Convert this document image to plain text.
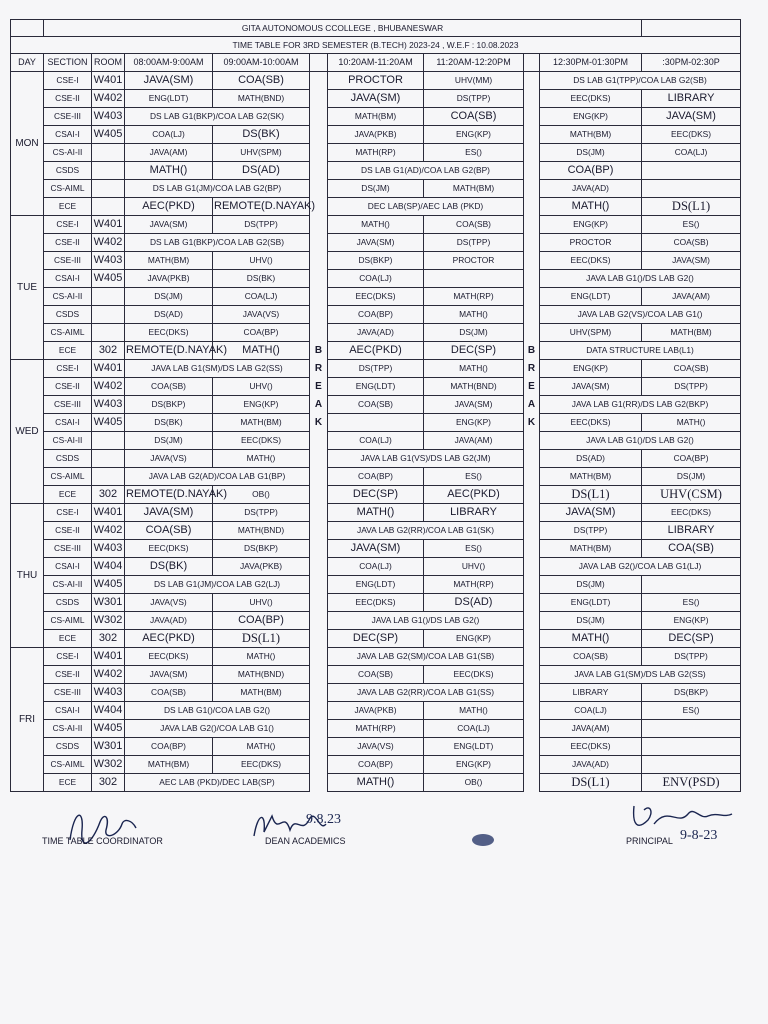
	GITA AUTONOMOUS CCOLLEGE , BHUBANESWAR									
TIME TABLE FOR 3RD SEMESTER (B.TECH) 2023-24 , W.E.F : 10.08.2023										
DAY	SECTION	ROOM	08:00AM-9:00AM	09:00AM-10:00AM		10:20AM-11:20AM	11:20AM-12:20PM		12:30PM-01:30PM	:30PM-02:30P
MON	CSE-I	W401	JAVA(SM)	COA(SB)		PROCTOR	UHV(MM)		DS LAB G1(TPP)/COA LAB G2(SB)	
	CSE-II	W402	ENG(LDT)	MATH(BND)		JAVA(SM)	DS(TPP)		EEC(DKS)	LIBRARY
	CSE-III	W403	DS LAB G1(BKP)/COA LAB G2(SK)			MATH(BM)	COA(SB)		ENG(KP)	JAVA(SM)
	CSAI-I	W405	COA(LJ)	DS(BK)		JAVA(PKB)	ENG(KP)		MATH(BM)	EEC(DKS)
	CS-AI-II		JAVA(AM)	UHV(SPM)		MATH(RP)	ES()		DS(JM)	COA(LJ)
	CSDS		MATH()	DS(AD)		DS LAB G1(AD)/COA LAB G2(BP)			COA(BP)	
	CS-AIML		DS LAB G1(JM)/COA LAB G2(BP)			DS(JM)	MATH(BM)		JAVA(AD)	
	ECE		AEC(PKD)	REMOTE(D.NAYAK)		DEC LAB(SP)/AEC LAB (PKD)			MATH()	DS(L1)
TUE	CSE-I	W401	JAVA(SM)	DS(TPP)		MATH()	COA(SB)		ENG(KP)	ES()
	CSE-II	W402	DS LAB G1(BKP)/COA LAB G2(SB)			JAVA(SM)	DS(TPP)		PROCTOR	COA(SB)
	CSE-III	W403	MATH(BM)	UHV()		DS(BKP)	PROCTOR		EEC(DKS)	JAVA(SM)
	CSAI-I	W405	JAVA(PKB)	DS(BK)		COA(LJ)			JAVA LAB G1()/DS LAB G2()	
	CS-AI-II		DS(JM)	COA(LJ)		EEC(DKS)	MATH(RP)		ENG(LDT)	JAVA(AM)
	CSDS		DS(AD)	JAVA(VS)		COA(BP)	MATH()		JAVA LAB G2(VS)/COA LAB G1()	
	CS-AIML		EEC(DKS)	COA(BP)		JAVA(AD)	DS(JM)		UHV(SPM)	MATH(BM)
	ECE	302	REMOTE(D.NAYAK)	MATH()	B	AEC(PKD)	DEC(SP)	B	DATA STRUCTURE LAB(L1)	
WED	CSE-I	W401	JAVA LAB G1(SM)/DS LAB G2(SS)		R	DS(TPP)	MATH()	R	ENG(KP)	COA(SB)
	CSE-II	W402	COA(SB)	UHV()	E	ENG(LDT)	MATH(BND)	E	JAVA(SM)	DS(TPP)
	CSE-III	W403	DS(BKP)	ENG(KP)	A	COA(SB)	JAVA(SM)	A	JAVA LAB G1(RR)/DS LAB G2(BKP)	
	CSAI-I	W405	DS(BK)	MATH(BM)	K		ENG(KP)	K	EEC(DKS)	MATH()
	CS-AI-II		DS(JM)	EEC(DKS)		COA(LJ)	JAVA(AM)		JAVA LAB G1()/DS LAB G2()	
	CSDS		JAVA(VS)	MATH()		JAVA LAB G1(VS)/DS LAB G2(JM)			DS(AD)	COA(BP)
	CS-AIML		JAVA LAB G2(AD)/COA LAB G1(BP)			COA(BP)	ES()		MATH(BM)	DS(JM)
	ECE	302	REMOTE(D.NAYAK)	OB()		DEC(SP)	AEC(PKD)		DS(L1)	UHV(CSM)
THU	CSE-I	W401	JAVA(SM)	DS(TPP)		MATH()	LIBRARY		JAVA(SM)	EEC(DKS)
	CSE-II	W402	COA(SB)	MATH(BND)		JAVA LAB G2(RR)/COA LAB G1(SK)			DS(TPP)	LIBRARY
	CSE-III	W403	EEC(DKS)	DS(BKP)		JAVA(SM)	ES()		MATH(BM)	COA(SB)
	CSAI-I	W404	DS(BK)	JAVA(PKB)		COA(LJ)	UHV()		JAVA LAB G2()/COA LAB G1(LJ)	
	CS-AI-II	W405	DS LAB G1(JM)/COA LAB G2(LJ)			ENG(LDT)	MATH(RP)		DS(JM)	
	CSDS	W301	JAVA(VS)	UHV()		EEC(DKS)	DS(AD)		ENG(LDT)	ES()
	CS-AIML	W302	JAVA(AD)	COA(BP)		JAVA LAB G1()/DS LAB G2()			DS(JM)	ENG(KP)
	ECE	302	AEC(PKD)	DS(L1)		DEC(SP)	ENG(KP)		MATH()	DEC(SP)
FRI	CSE-I	W401	EEC(DKS)	MATH()		JAVA LAB G2(SM)/COA LAB G1(SB)			COA(SB)	DS(TPP)
	CSE-II	W402	JAVA(SM)	MATH(BND)		COA(SB)	EEC(DKS)		JAVA LAB G1(SM)/DS LAB G2(SS)	
	CSE-III	W403	COA(SB)	MATH(BM)		JAVA LAB G2(RR)/COA LAB G1(SS)			LIBRARY	DS(BKP)
	CSAI-I	W404	DS LAB G1()/COA LAB G2()			JAVA(PKB)	MATH()		COA(LJ)	ES()
	CS-AI-II	W405	JAVA LAB G2()/COA LAB G1()			MATH(RP)	COA(LJ)		JAVA(AM)	
	CSDS	W301	COA(BP)	MATH()		JAVA(VS)	ENG(LDT)		EEC(DKS)	
	CS-AIML	W302	MATH(BM)	EEC(DKS)		COA(BP)	ENG(KP)		JAVA(AD)	
	ECE	302	AEC LAB (PKD)/DEC LAB(SP)			MATH()	OB()		DS(L1)	ENV(PSD)
TIME TABLE COORDINATOR
9.8.23
DEAN ACADEMICS	PRINCIPAL 9-8-23
